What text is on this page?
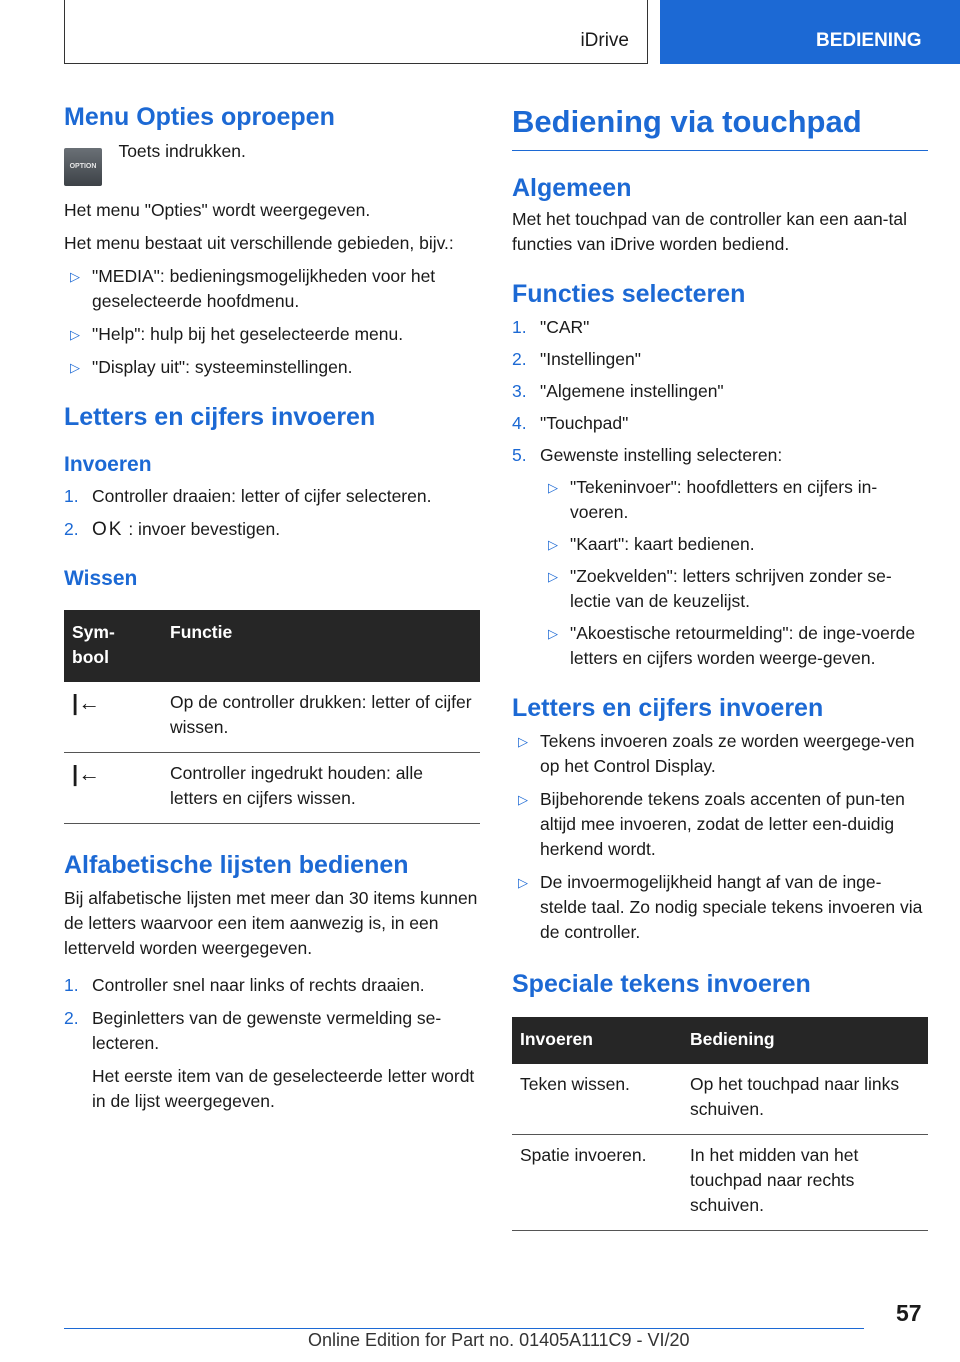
iDrive	BEDIENING
Menu Opties oproepen
OPTION Toets indrukken.

Het menu "Opties" wordt weergegeven.

Het menu bestaat uit verschillende gebieden, bijv.:

▷ "MEDIA": bedieningsmogelijkheden voor het geselecteerde hoofdmenu.
▷ "Help": hulp bij het geselecteerde menu.
▷ "Display uit": systeeminstellingen.
Letters en cijfers invoeren
Invoeren
1. Controller draaien: letter of cijfer selecteren.
2. OK : invoer bevestigen.
Wissen
Sym-
bool	Functie
|←	Op de controller drukken: letter of cijfer wissen.
|←	Controller ingedrukt houden: alle letters en cijfers wissen.
Alfabetische lijsten bedienen

Bij alfabetische lijsten met meer dan 30 items kunnen de letters waarvoor een item aanwezig is, in een letterveld worden weergegeven.

1. Controller snel naar links of rechts draaien.
2. Beginletters van de gewenste vermelding se-lecteren.

Het eerste item van de geselecteerde letter wordt in de lijst weergegeven.

Bediening via touchpad
Algemeen

Met het touchpad van de controller kan een aan-tal functies van iDrive worden bediend.

Functies selecteren
1. "CAR"
2. "Instellingen"
3. "Algemene instellingen"
4. "Touchpad"
5. Gewenste instelling selecteren:
▷ "Tekeninvoer": hoofdletters en cijfers in-voeren.
▷ "Kaart": kaart bedienen.
▷ "Zoekvelden": letters schrijven zonder se-lectie van de keuzelijst.
▷ "Akoestische retourmelding": de inge-voerde letters en cijfers worden weerge-geven.
Letters en cijfers invoeren
▷ Tekens invoeren zoals ze worden weergege-ven op het Control Display.
▷ Bijbehorende tekens zoals accenten of pun-ten altijd mee invoeren, zodat de letter een-duidig herkend wordt.
▷ De invoermogelijkheid hangt af van de inge-stelde taal. Zo nodig speciale tekens invoeren via de controller.
Speciale tekens invoeren
Invoeren	Bediening
Teken wissen.	Op het touchpad naar links schuiven.
Spatie invoeren.	In het midden van het touchpad naar rechts schuiven.
57
Online Edition for Part no. 01405A111C9 - VI/20
